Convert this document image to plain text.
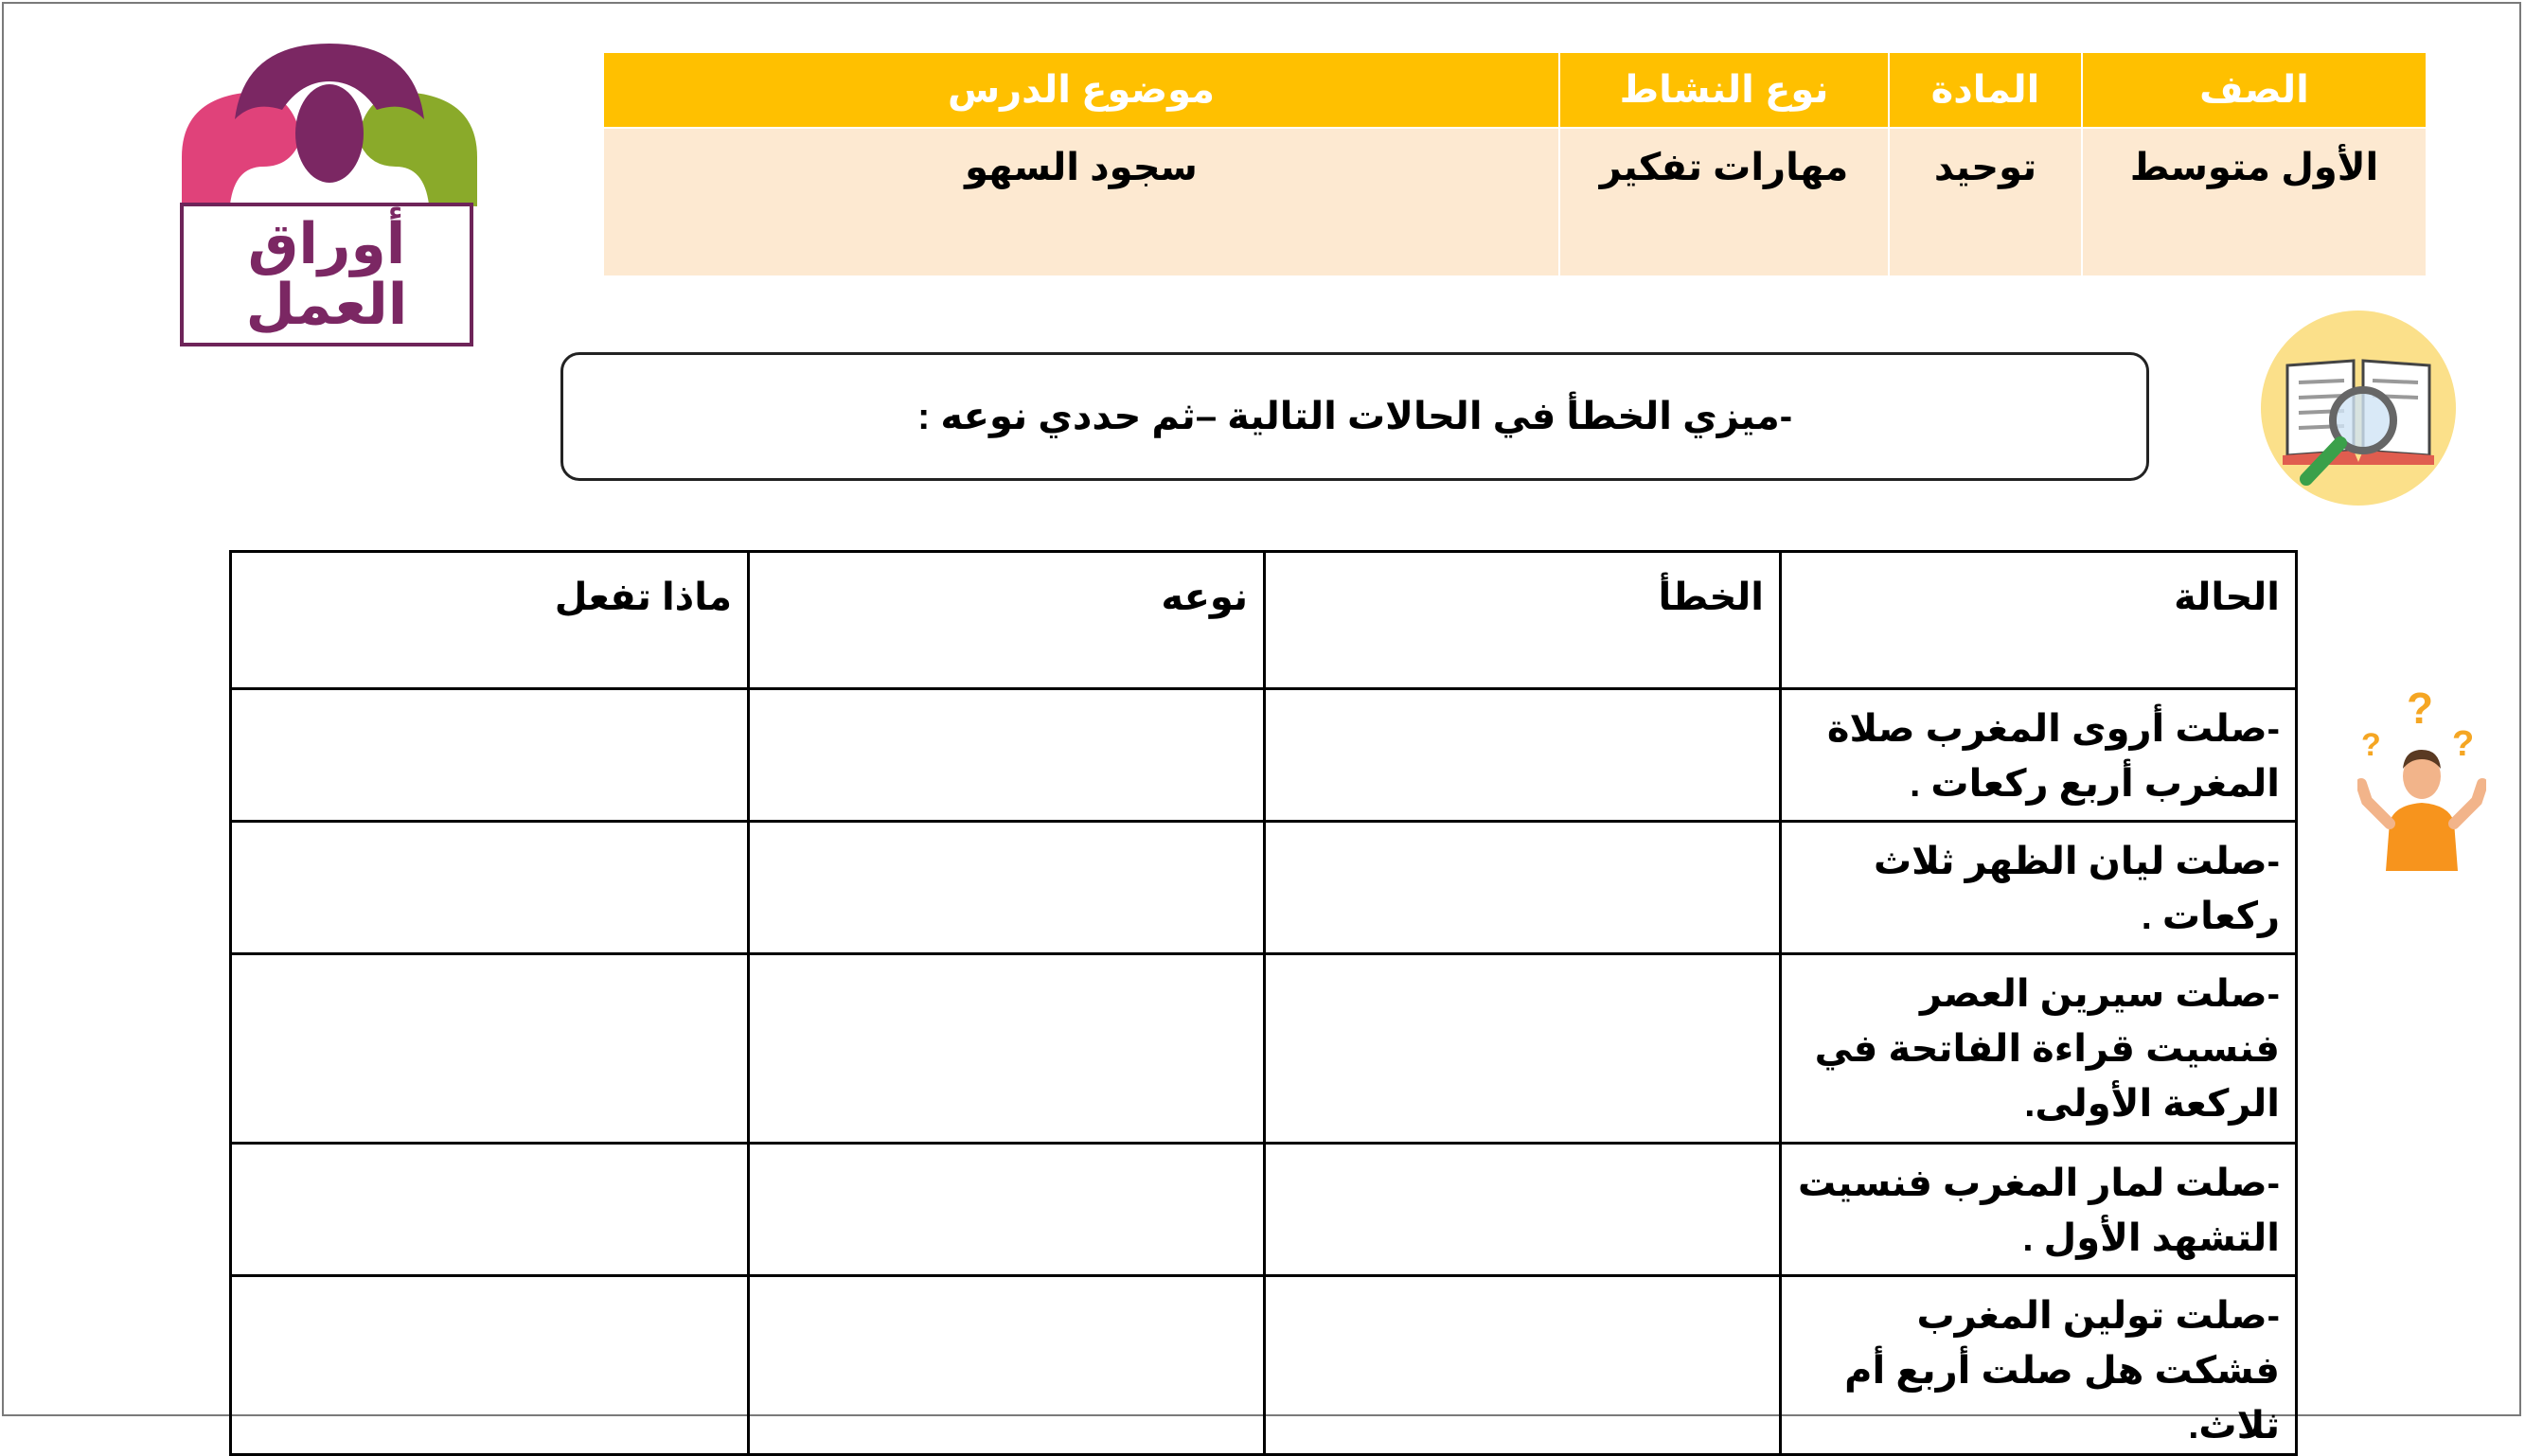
أوراق
العمل
الصف	المادة	نوع النشاط	موضوع الدرس
الأول متوسط	توحيد	مهارات تفكير	سجود السهو
-ميزي الخطأ في الحالات التالية –ثم حددي نوعه :
?
? ?
الحالة	الخطأ	نوعه	ماذا تفعل
-صلت أروى المغرب صلاة المغرب أربع ركعات .			
-صلت ليان الظهر ثلاث ركعات .			
-صلت سيرين العصر فنسيت قراءة الفاتحة في الركعة الأولى.			
-صلت لمار المغرب فنسيت التشهد الأول .			
-صلت تولين المغرب فشكت هل صلت أربع أم ثلاث.			
